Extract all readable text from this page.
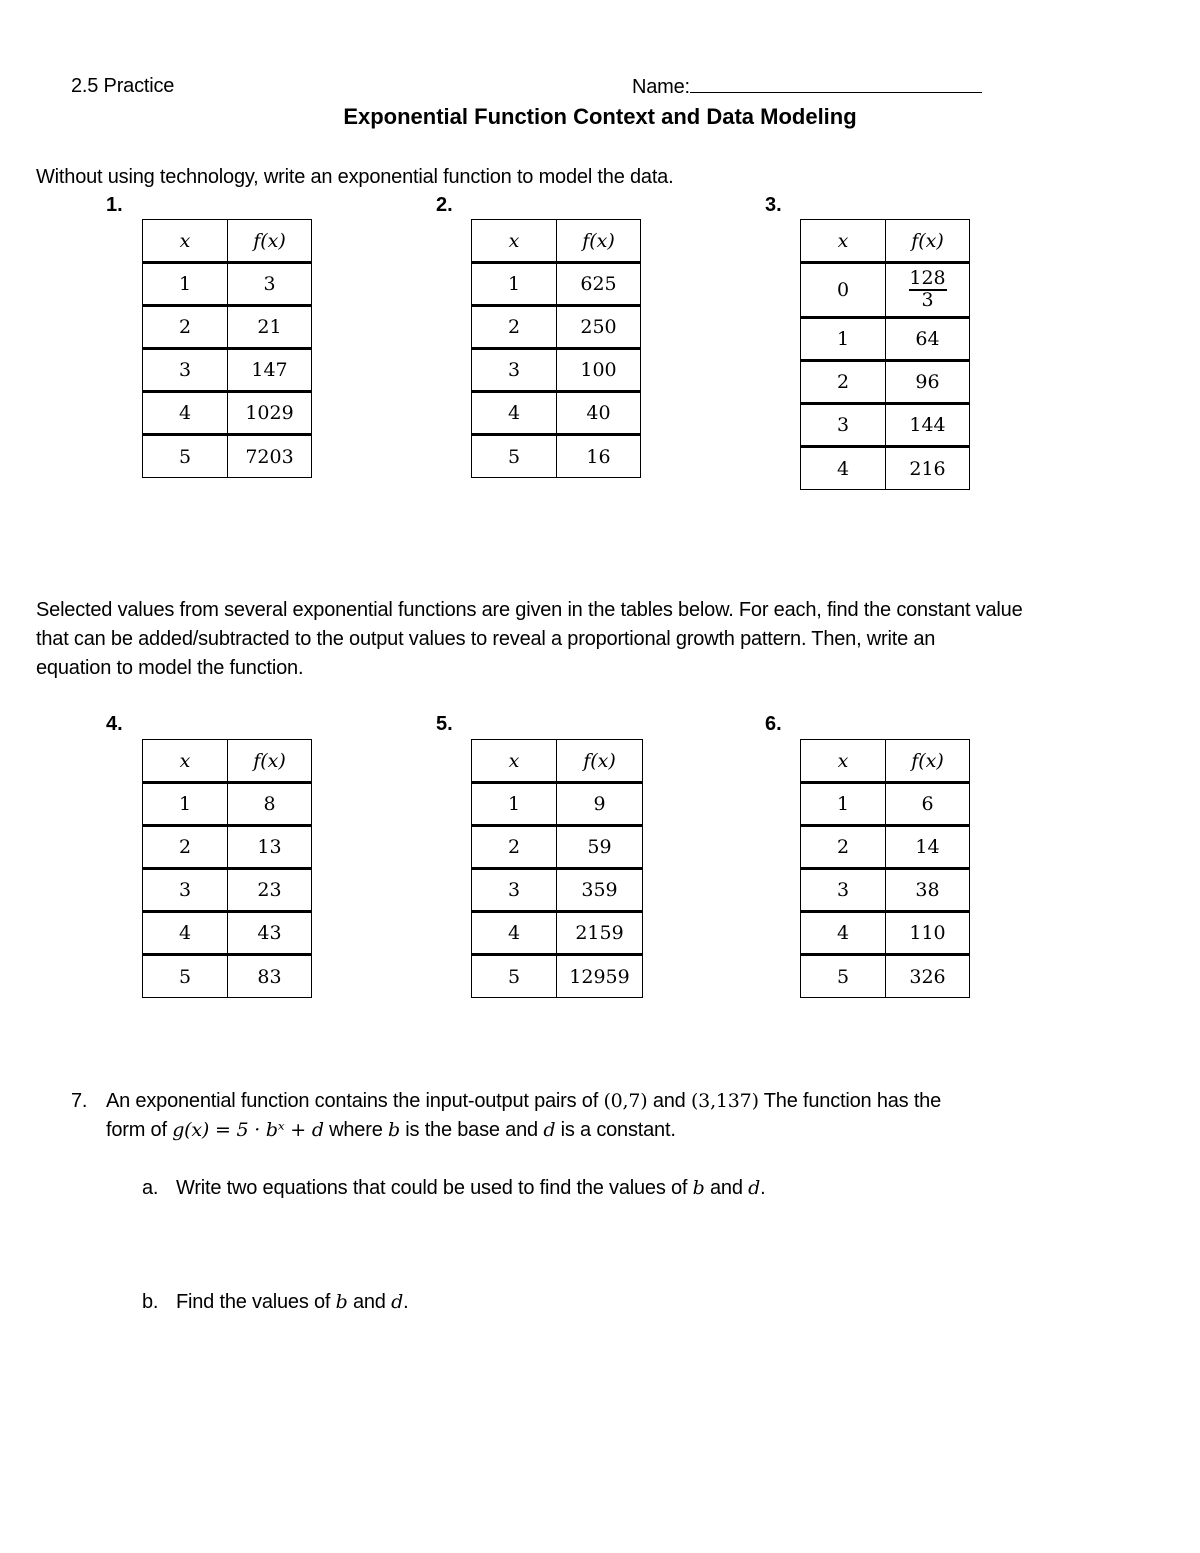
2.5 Practice	Name:
Exponential Function Context and Data Modeling
Without using technology, write an exponential function to model the data.
1.	2.	3.
x	f(x)
1	3
2	21
3	147
4	1029
5	7203
x	f(x)
1	625
2	250
3	100
4	40
5	16
x	f(x)
0	$\frac{128}{3}$

1	64
2	96
3	144
4	216
Selected values from several exponential functions are given in the tables below. For each, find the constant value
that can be added/subtracted to the output values to reveal a proportional growth pattern. Then, write an
equation to model the function.
4.	5.	6.
x	f(x)
1	8
2	13
3	23
4	43
5	83
x	f(x)
1	9
2	59
3	359
4	2159
5	12959
x	f(x)
1	6
2	14
3	38
4	110
5	326
7. An exponential function contains the input-output pairs of (0,7) and (3,137) The function has the
form of g(x) = 5 · bˣ + d where b is the base and d is a constant.
a. Write two equations that could be used to find the values of b and d.
b. Find the values of b and d.
